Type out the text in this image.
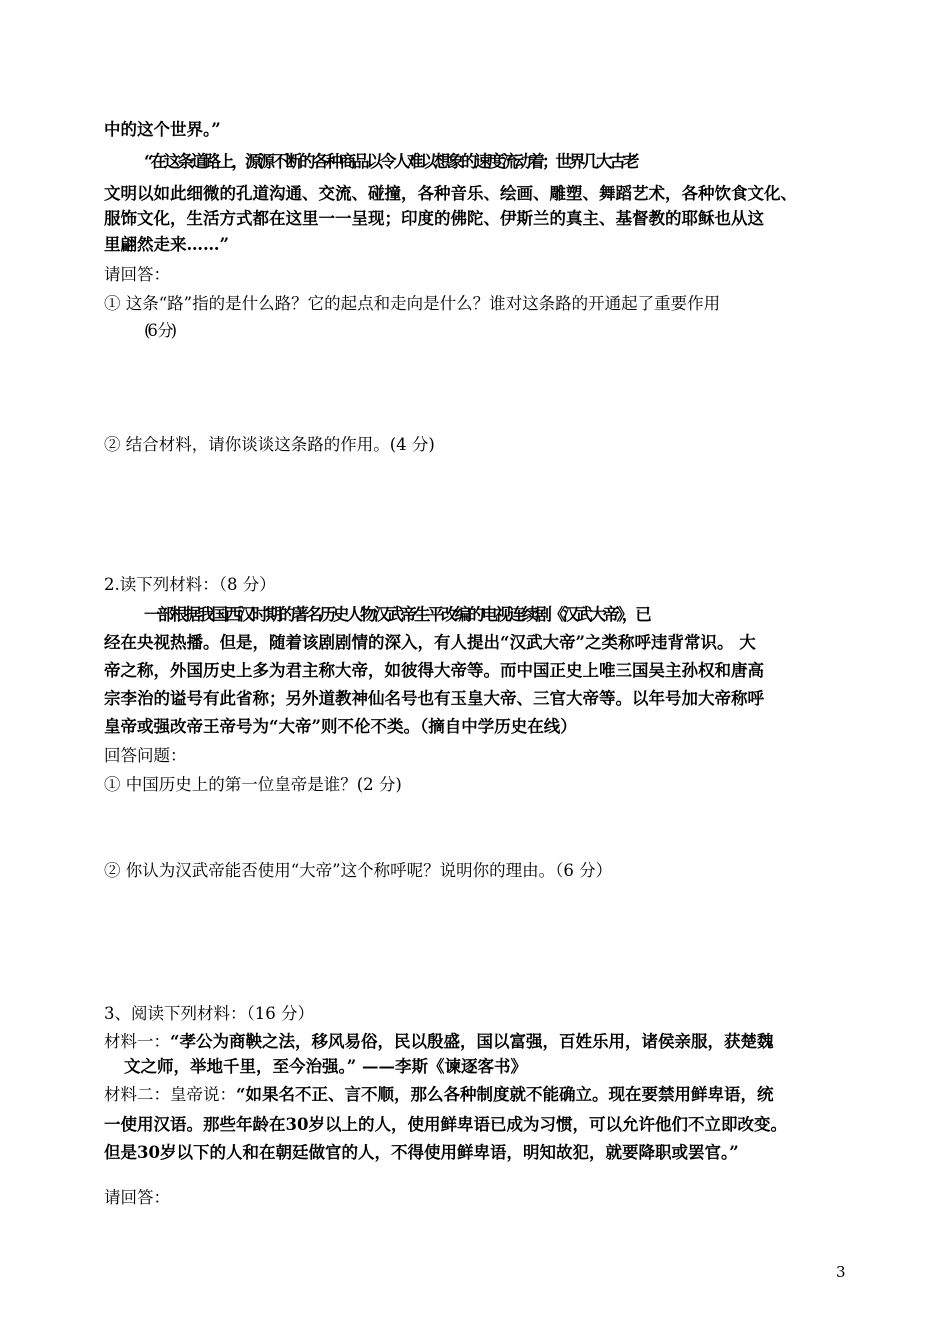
中的这个世界。”
“在这条道路上，源源不断的各种商品以令人难以想象的速度流动着；世界几大古老
文明以如此细微的孔道沟通、交流、碰撞，各种音乐、绘画、雕塑、舞蹈艺术，各种饮食文化、
服饰文化，生活方式都在这里一一呈现；印度的佛陀、伊斯兰的真主、基督教的耶稣也从这
里翩然走来……”
请回答：
① 这条“路”指的是什么路？它的起点和走向是什么？谁对这条路的开通起了重要作用
(6 分)
② 结合材料，请你谈谈这条路的作用。(4 分)
2.读下列材料：（8 分）
一部根据我国西汉时期的著名历史人物汉武帝生平改编的电视连续剧《汉武大帝》，已
经在央视热播。但是，随着该剧剧情的深入，有人提出“汉武大帝”之类称呼违背常识。 大
帝之称，外国历史上多为君主称大帝，如彼得大帝等。而中国正史上唯三国吴主孙权和唐高
宗李治的谥号有此省称；另外道教神仙名号也有玉皇大帝、三官大帝等。以年号加大帝称呼
皇帝或强改帝王帝号为“大帝”则不伦不类。（摘自中学历史在线）
回答问题：
① 中国历史上的第一位皇帝是谁？(2 分)
② 你认为汉武帝能否使用“大帝”这个称呼呢？说明你的理由。（6 分）
3、阅读下列材料：（16 分）
材料一：“孝公为商鞅之法，移风易俗，民以殷盛，国以富强，百姓乐用，诸侯亲服，获楚魏
文之师，举地千里，至今治强。” ——李斯《谏逐客书》
材料二：皇帝说：“如果名不正、言不顺，那么各种制度就不能确立。现在要禁用鲜卑语，统
一使用汉语。那些年龄在30岁以上的人，使用鲜卑语已成为习惯，可以允许他们不立即改变。
但是30岁以下的人和在朝廷做官的人，不得使用鲜卑语，明知故犯，就要降职或罢官。”
请回答：
3
